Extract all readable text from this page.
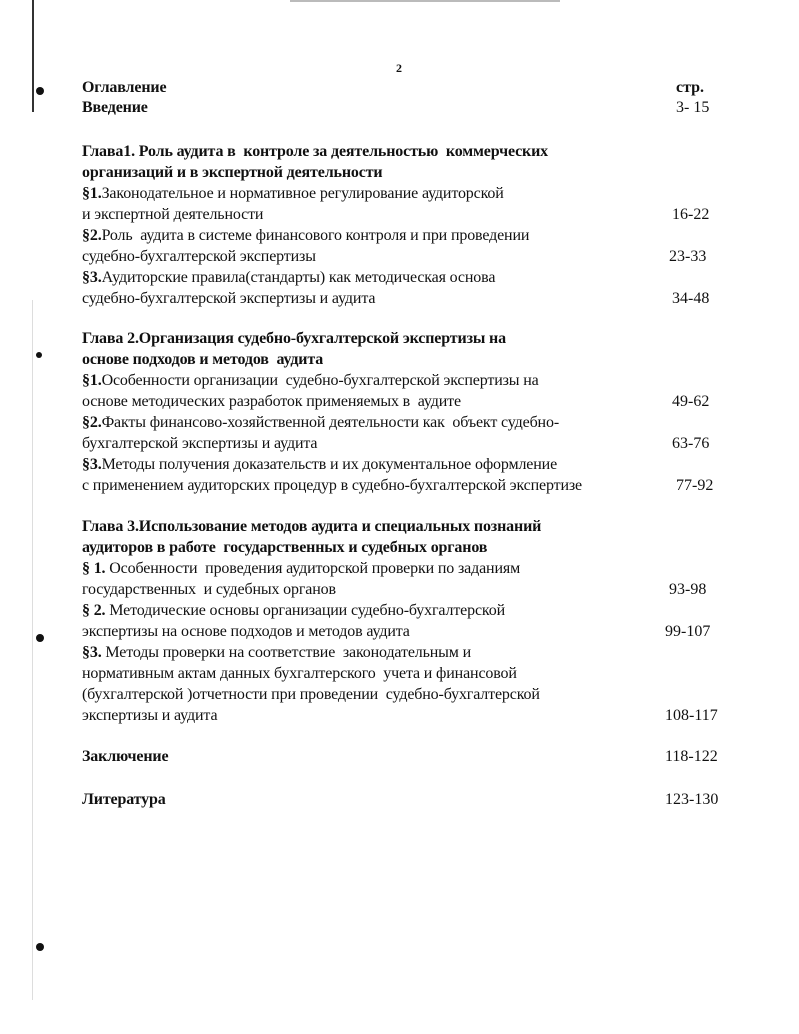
2
Оглавление	стр.
Введение	3- 15
Глава1. Роль аудита в  контроле за деятельностью  коммерческих
организаций и в экспертной деятельности
§1.Законодательное и нормативное регулирование аудиторской
и экспертной деятельности	16-22
§2.Роль  аудита в системе финансового контроля и при проведении
судебно-бухгалтерской экспертизы	23-33
§3.Аудиторские правила(стандарты) как методическая основа
судебно-бухгалтерской экспертизы и аудита	34-48
Глава 2.Организация судебно-бухгалтерской экспертизы на
основе подходов и методов  аудита
§1.Особенности организации  судебно-бухгалтерской экспертизы на
основе методических разработок применяемых в  аудите	49-62
§2.Факты финансово-хозяйственной деятельности как  объект судебно-
бухгалтерской экспертизы и аудита	63-76
§3.Методы получения доказательств и их документальное оформление
с применением аудиторских процедур в судебно-бухгалтерской экспертизе	77-92
Глава 3.Использование методов аудита и специальных познаний
аудиторов в работе  государственных и судебных органов
§ 1. Особенности  проведения аудиторской проверки по заданиям
государственных  и судебных органов	93-98
§ 2. Методические основы организации судебно-бухгалтерской
экспертизы на основе подходов и методов аудита	99-107
§3. Методы проверки на соответствие  законодательным и
нормативным актам данных бухгалтерского  учета и финансовой
(бухгалтерской )отчетности при проведении  судебно-бухгалтерской
экспертизы и аудита	108-117
Заключение	118-122
Литература	123-130
